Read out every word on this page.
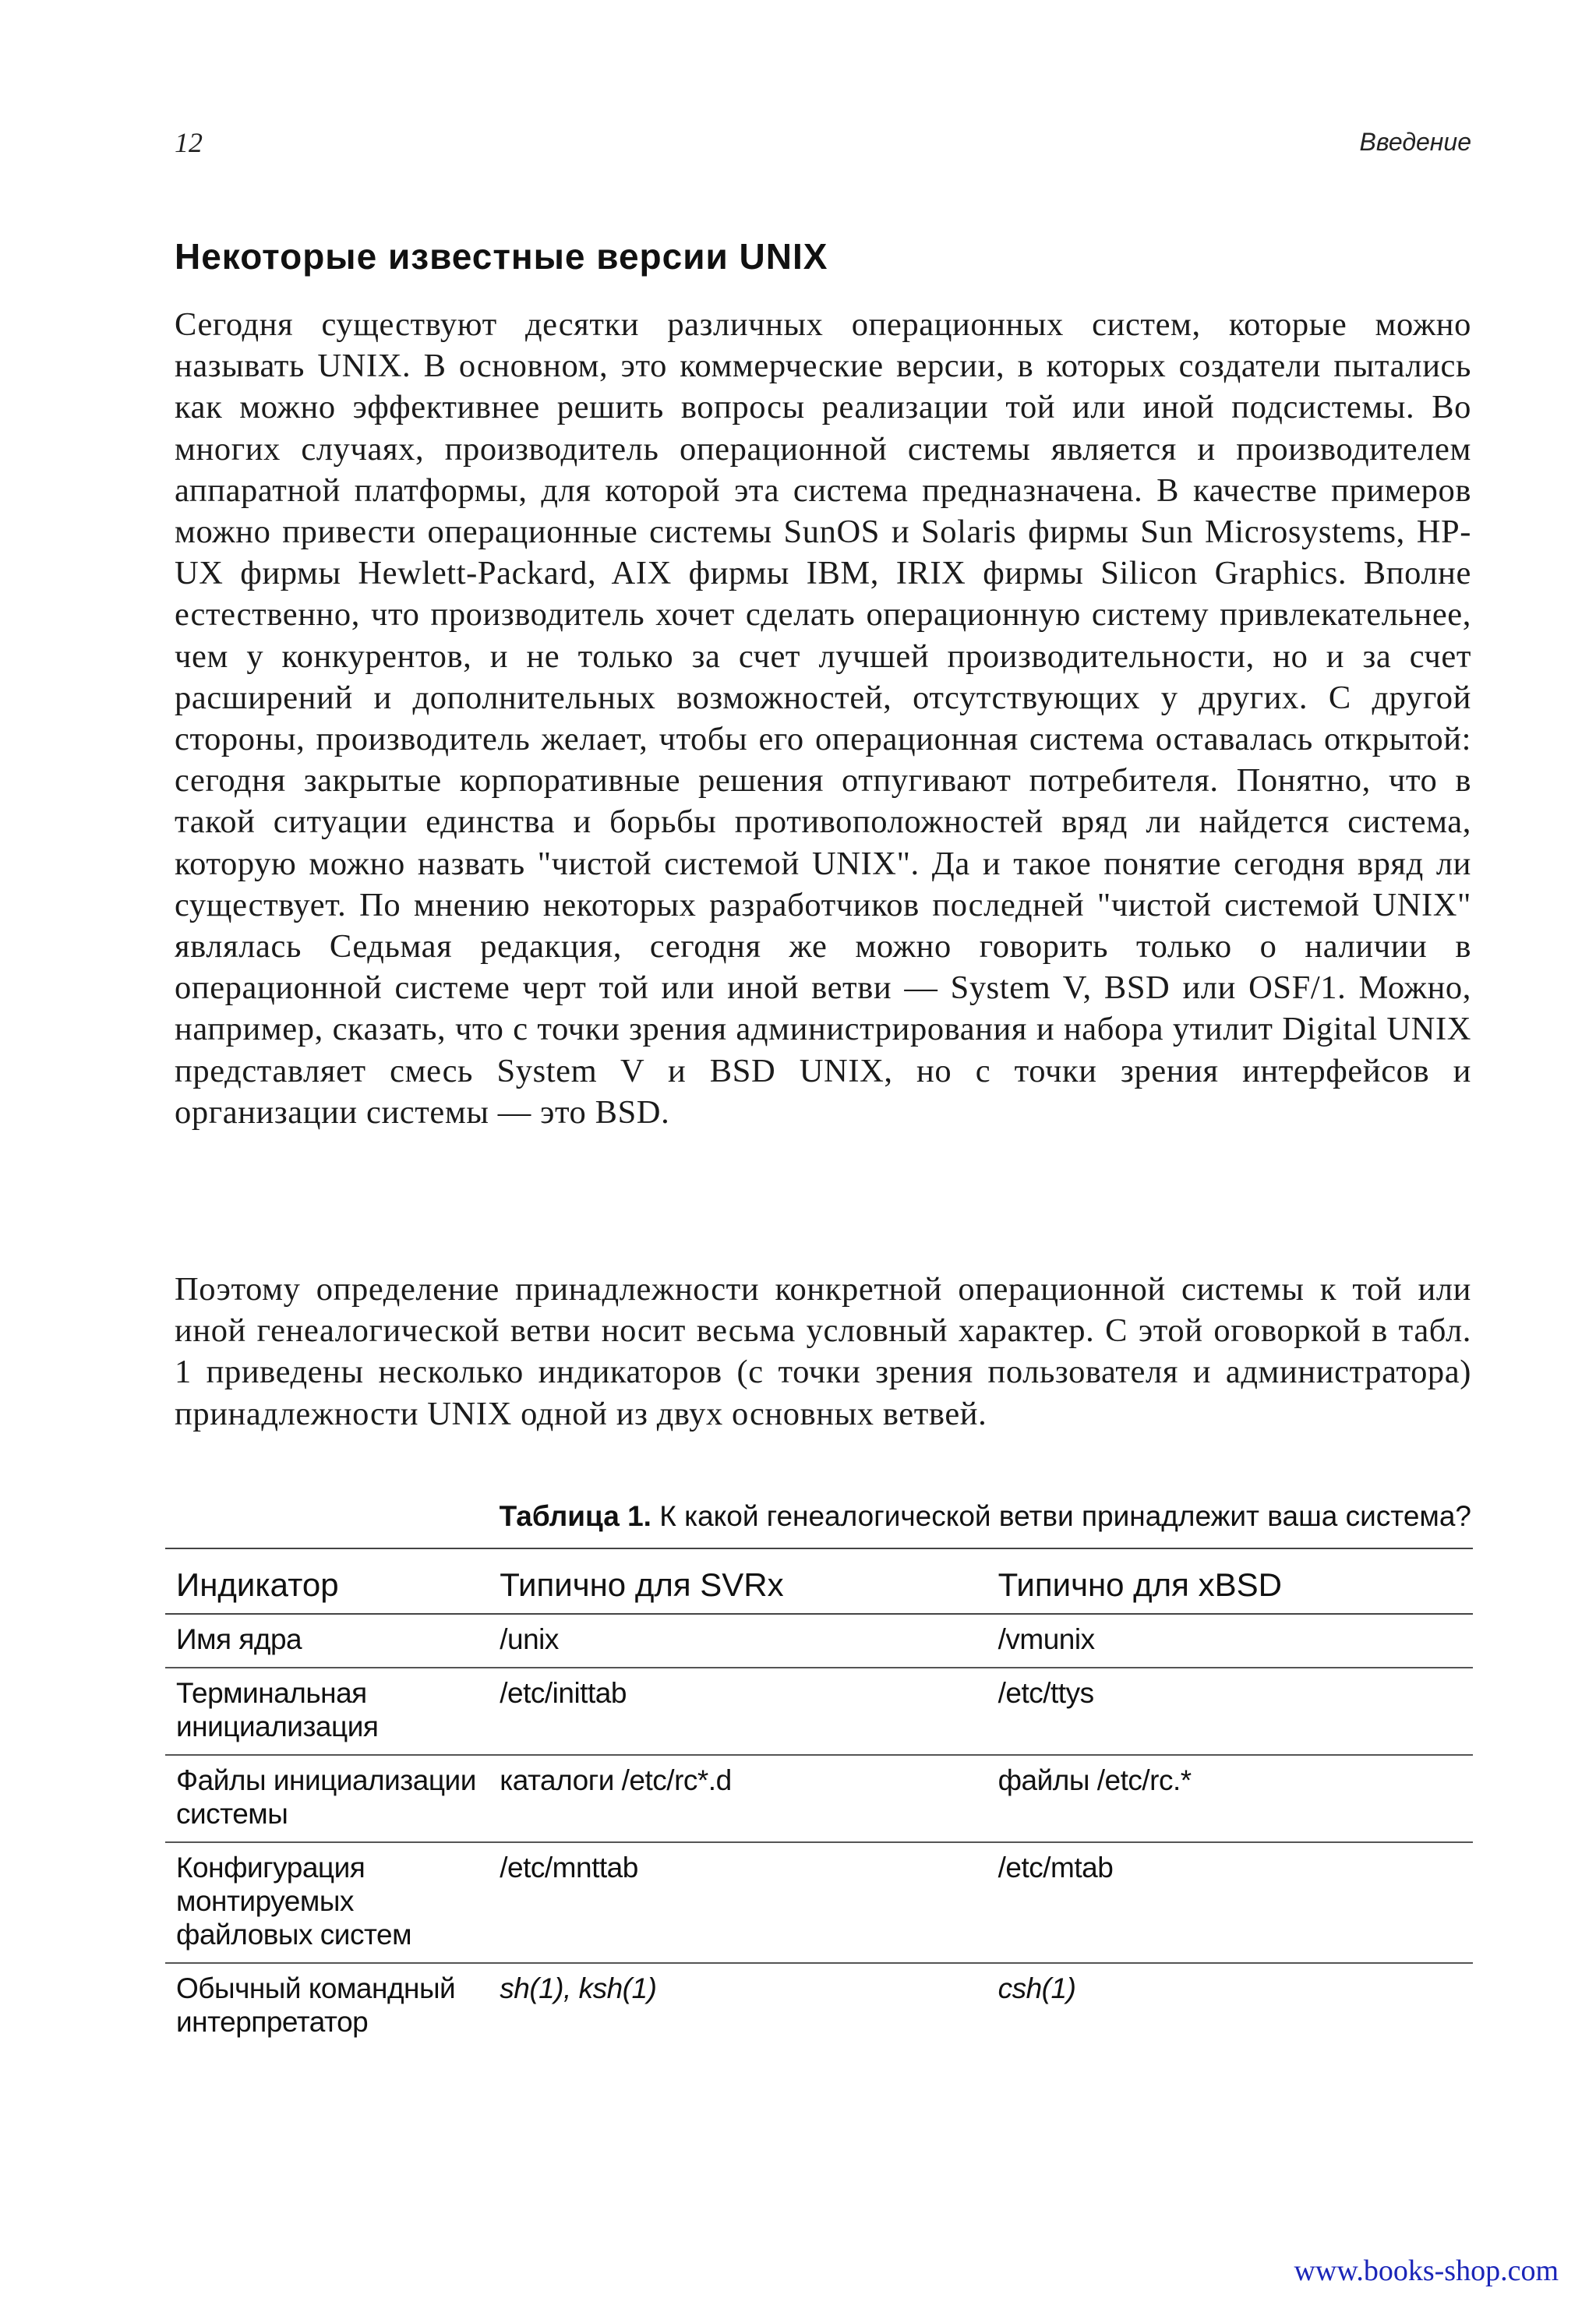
12	Введение
Некоторые известные версии UNIX

Сегодня существуют десятки различных операционных систем, которые можно называть UNIX. В основном, это коммерческие версии, в которых создатели пытались как можно эффективнее решить вопросы реализации той или иной подсистемы. Во многих случаях, производитель операционной системы является и производителем аппаратной платформы, для которой эта система предназначена. В качестве примеров можно привести операционные системы SunOS и Solaris фирмы Sun Microsystems, HP-UX фирмы Hewlett-Packard, AIX фирмы IBM, IRIX фирмы Silicon Graphics. Вполне естественно, что производитель хочет сделать операционную систему привлекательнее, чем у конкурентов, и не только за счет лучшей производительности, но и за счет расширений и дополнительных возможностей, отсутствующих у других. С другой стороны, производитель желает, чтобы его операционная система оставалась открытой: сегодня закрытые корпоративные решения отпугивают потребителя. Понятно, что в такой ситуации единства и борьбы противоположностей вряд ли найдется система, которую можно назвать "чистой системой UNIX". Да и такое понятие сегодня вряд ли существует. По мнению некоторых разработчиков последней "чистой системой UNIX" являлась Седьмая редакция, сегодня же можно говорить только о наличии в операционной системе черт той или иной ветви — System V, BSD или OSF/1. Можно, например, сказать, что с точки зрения администрирования и набора утилит Digital UNIX представляет смесь System V и BSD UNIX, но с точки зрения интерфейсов и организации системы — это BSD.

Поэтому определение принадлежности конкретной операционной системы к той или иной генеалогической ветви носит весьма условный характер. С этой оговоркой в табл. 1 приведены несколько индикаторов (с точки зрения пользователя и администратора) принадлежности UNIX одной из двух основных ветвей.

Таблица 1. К какой генеалогической ветви принадлежит ваша система?
Индикатор	Типично для SVRx	Типично для xBSD
Имя ядра	/unix	/vmunix
Терминальная инициализация	/etc/inittab	/etc/ttys
Файлы инициализации системы	каталоги /etc/rc*.d	файлы /etc/rc.*
Конфигурация монтируемых файловых систем	/etc/mnttab	/etc/mtab
Обычный командный интерпретатор	sh(1), ksh(1)	csh(1)
www.books-shop.com
